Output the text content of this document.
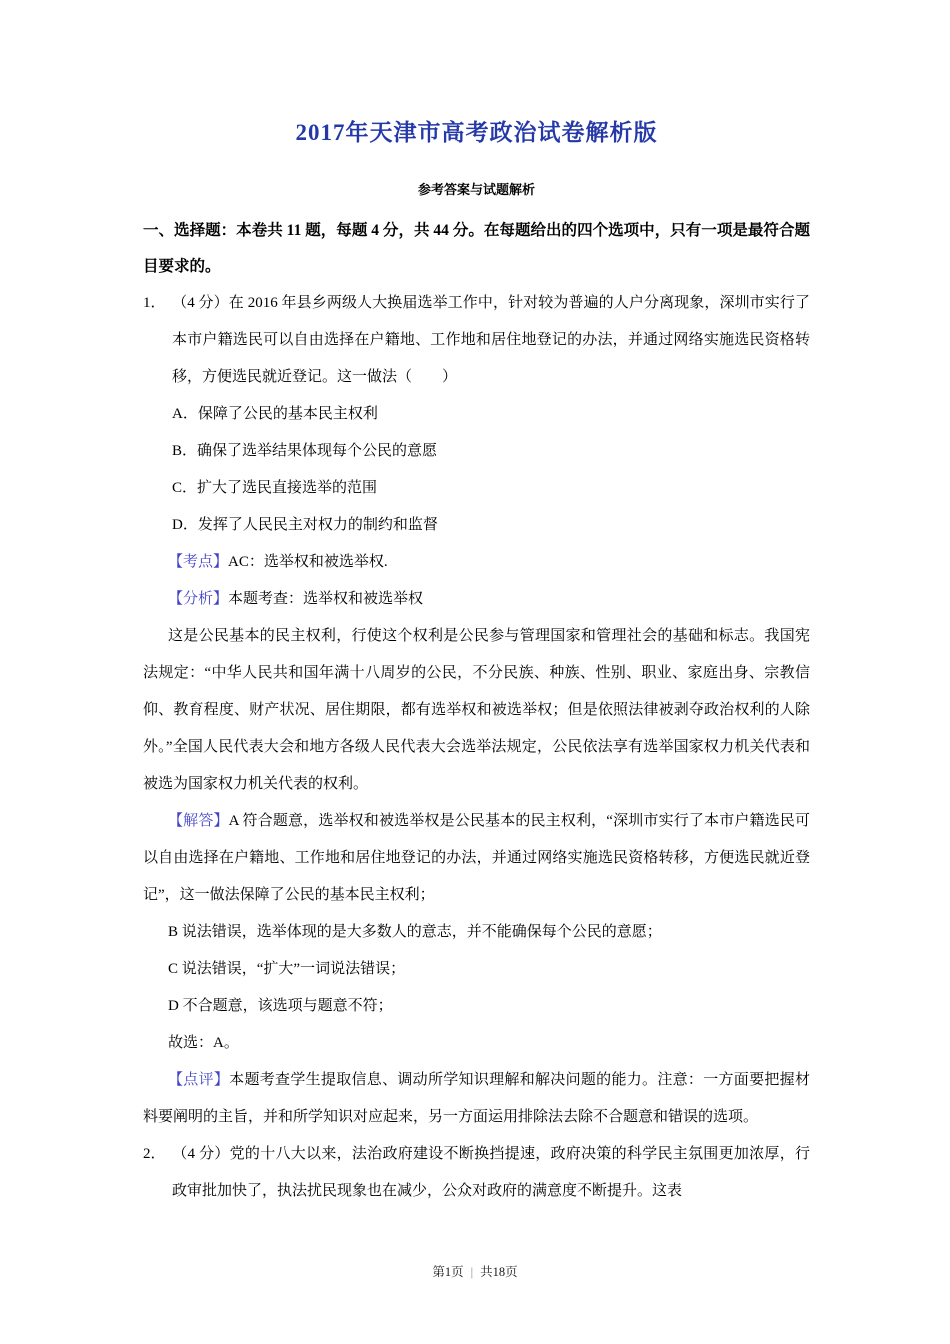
2017年天津市高考政治试卷解析版
参考答案与试题解析

一、选择题：本卷共 11 题，每题 4 分，共 44 分。在每题给出的四个选项中，只有一项是最符合题目要求的。

1． （4 分）在 2016 年县乡两级人大换届选举工作中，针对较为普遍的人户分离现象，深圳市实行了本市户籍选民可以自由选择在户籍地、工作地和居住地登记的办法，并通过网络实施选民资格转移，方便选民就近登记。这一做法（　　）

A．保障了公民的基本民主权利

B．确保了选举结果体现每个公民的意愿

C．扩大了选民直接选举的范围

D．发挥了人民民主对权力的制约和监督

【考点】AC：选举权和被选举权.

【分析】本题考查：选举权和被选举权

这是公民基本的民主权利，行使这个权利是公民参与管理国家和管理社会的基础和标志。我国宪法规定：“中华人民共和国年满十八周岁的公民，不分民族、种族、性别、职业、家庭出身、宗教信仰、教育程度、财产状况、居住期限，都有选举权和被选举权；但是依照法律被剥夺政治权利的人除外。”全国人民代表大会和地方各级人民代表大会选举法规定，公民依法享有选举国家权力机关代表和被选为国家权力机关代表的权利。

【解答】A 符合题意，选举权和被选举权是公民基本的民主权利，“深圳市实行了本市户籍选民可以自由选择在户籍地、工作地和居住地登记的办法，并通过网络实施选民资格转移，方便选民就近登记”，这一做法保障了公民的基本民主权利；

B 说法错误，选举体现的是大多数人的意志，并不能确保每个公民的意愿；

C 说法错误，“扩大”一词说法错误；

D 不合题意，该选项与题意不符；

故选：A。

【点评】本题考查学生提取信息、调动所学知识理解和解决问题的能力。注意：一方面要把握材料要阐明的主旨，并和所学知识对应起来，另一方面运用排除法去除不合题意和错误的选项。

2． （4 分）党的十八大以来，法治政府建设不断换挡提速，政府决策的科学民主氛围更加浓厚，行政审批加快了，执法扰民现象也在减少，公众对政府的满意度不断提升。这表

第1页 | 共18页
